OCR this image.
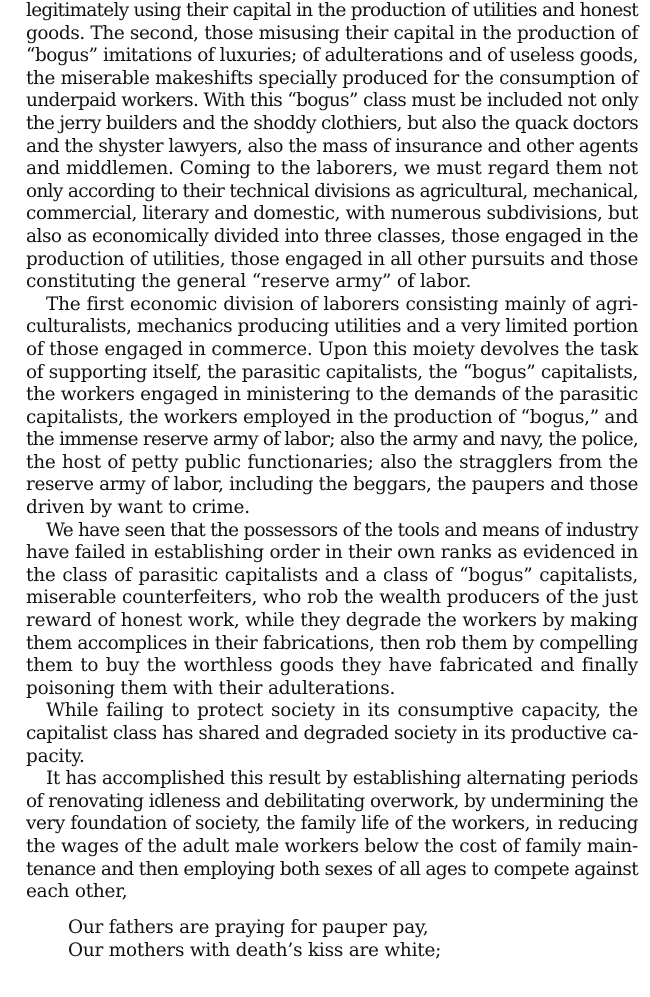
legitimately using their capital in the production of utilities and honest
goods. The second, those misusing their capital in the production of
“bogus” imitations of luxuries; of adulterations and of useless goods,
the miserable makeshifts specially produced for the consumption of
underpaid workers. With this “bogus” class must be included not only
the jerry builders and the shoddy clothiers, but also the quack doctors
and the shyster lawyers, also the mass of insurance and other agents
and middlemen. Coming to the laborers, we must regard them not
only according to their technical divisions as agricultural, mechanical,
commercial, literary and domestic, with numerous subdivisions, but
also as economically divided into three classes, those engaged in the
production of utilities, those engaged in all other pursuits and those
constituting the general “reserve army” of labor.
The first economic division of laborers consisting mainly of agri-
culturalists, mechanics producing utilities and a very limited portion
of those engaged in commerce. Upon this moiety devolves the task
of supporting itself, the parasitic capitalists, the “bogus” capitalists,
the workers engaged in ministering to the demands of the parasitic
capitalists, the workers employed in the production of “bogus,” and
the immense reserve army of labor; also the army and navy, the police,
the host of petty public functionaries; also the stragglers from the
reserve army of labor, including the beggars, the paupers and those
driven by want to crime.
We have seen that the possessors of the tools and means of industry
have failed in establishing order in their own ranks as evidenced in
the class of parasitic capitalists and a class of “bogus” capitalists,
miserable counterfeiters, who rob the wealth producers of the just
reward of honest work, while they degrade the workers by making
them accomplices in their fabrications, then rob them by compelling
them to buy the worthless goods they have fabricated and finally
poisoning them with their adulterations.
While failing to protect society in its consumptive capacity, the
capitalist class has shared and degraded society in its productive ca-
pacity.
It has accomplished this result by establishing alternating periods
of renovating idleness and debilitating overwork, by undermining the
very foundation of society, the family life of the workers, in reducing
the wages of the adult male workers below the cost of family main-
tenance and then employing both sexes of all ages to compete against
each other,
Our fathers are praying for pauper pay,
Our mothers with death’s kiss are white;
